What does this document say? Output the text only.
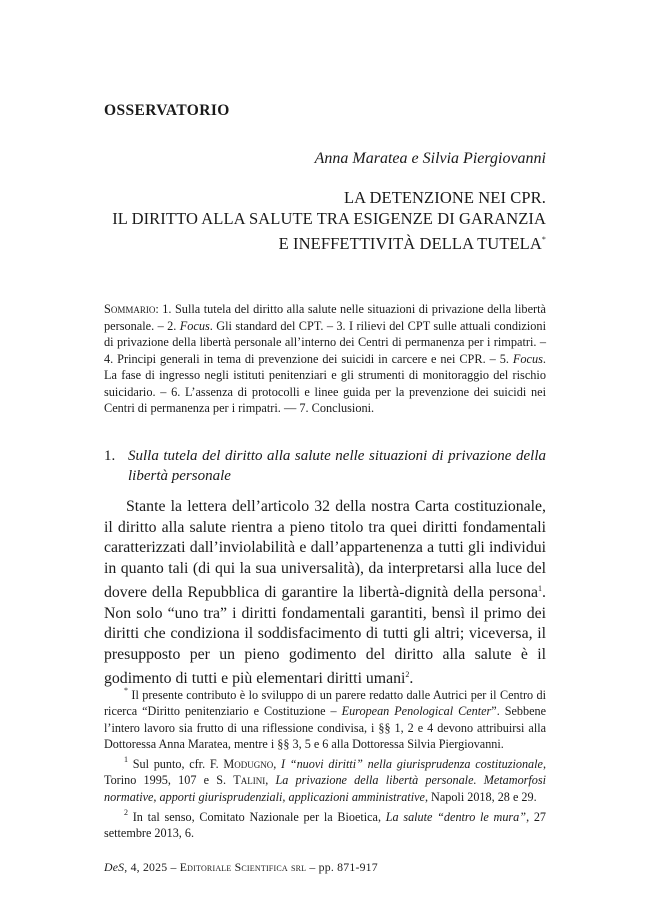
OSSERVATORIO
Anna Maratea e Silvia Piergiovanni
LA DETENZIONE NEI CPR.
IL DIRITTO ALLA SALUTE TRA ESIGENZE DI GARANZIA
E INEFFETTIVITÀ DELLA TUTELA*
Sommario: 1. Sulla tutela del diritto alla salute nelle situazioni di privazione della libertà personale. – 2. Focus. Gli standard del CPT. – 3. I rilievi del CPT sulle attuali condizioni di privazione della libertà personale all’interno dei Centri di permanenza per i rimpatri. – 4. Principi generali in tema di prevenzione dei suicidi in carcere e nei CPR. – 5. Focus. La fase di ingresso negli istituti penitenziari e gli strumenti di monitoraggio del rischio suicidario. – 6. L’assenza di protocolli e linee guida per la prevenzione dei suicidi nei Centri di permanenza per i rimpatri. — 7. Conclusioni.
1. Sulla tutela del diritto alla salute nelle situazioni di privazione della libertà personale

Stante la lettera dell’articolo 32 della nostra Carta costituzionale, il diritto alla salute rientra a pieno titolo tra quei diritti fondamentali caratterizzati dall’inviolabilità e dall’appartenenza a tutti gli individui in quanto tali (di qui la sua universalità), da interpretarsi alla luce del dovere della Repubblica di garantire la libertà-dignità della persona$^1$. Non solo “uno tra” i diritti fondamentali garantiti, bensì il primo dei diritti che condiziona il soddisfacimento di tutti gli altri; viceversa, il presupposto per un pieno godimento del diritto alla salute è il godimento di tutti e più elementari diritti umani$^2$.

* Il presente contributo è lo sviluppo di un parere redatto dalle Autrici per il Centro di ricerca “Diritto penitenziario e Costituzione – European Penological Center”. Sebbene l’intero lavoro sia frutto di una riflessione condivisa, i §§ 1, 2 e 4 devono attribuirsi alla Dottoressa Anna Maratea, mentre i §§ 3, 5 e 6 alla Dottoressa Silvia Piergiovanni.

$^1$ Sul punto, cfr. F. Modugno, I “nuovi diritti” nella giurisprudenza costituzionale, Torino 1995, 107 e S. Talini, La privazione della libertà personale. Metamorfosi normative, apporti giurisprudenziali, applicazioni amministrative, Napoli 2018, 28 e 29.

$^2$ In tal senso, Comitato Nazionale per la Bioetica, La salute “dentro le mura”, 27 settembre 2013, 6.

DeS, 4, 2025 – Editoriale Scientifica srl – pp. 871-917
